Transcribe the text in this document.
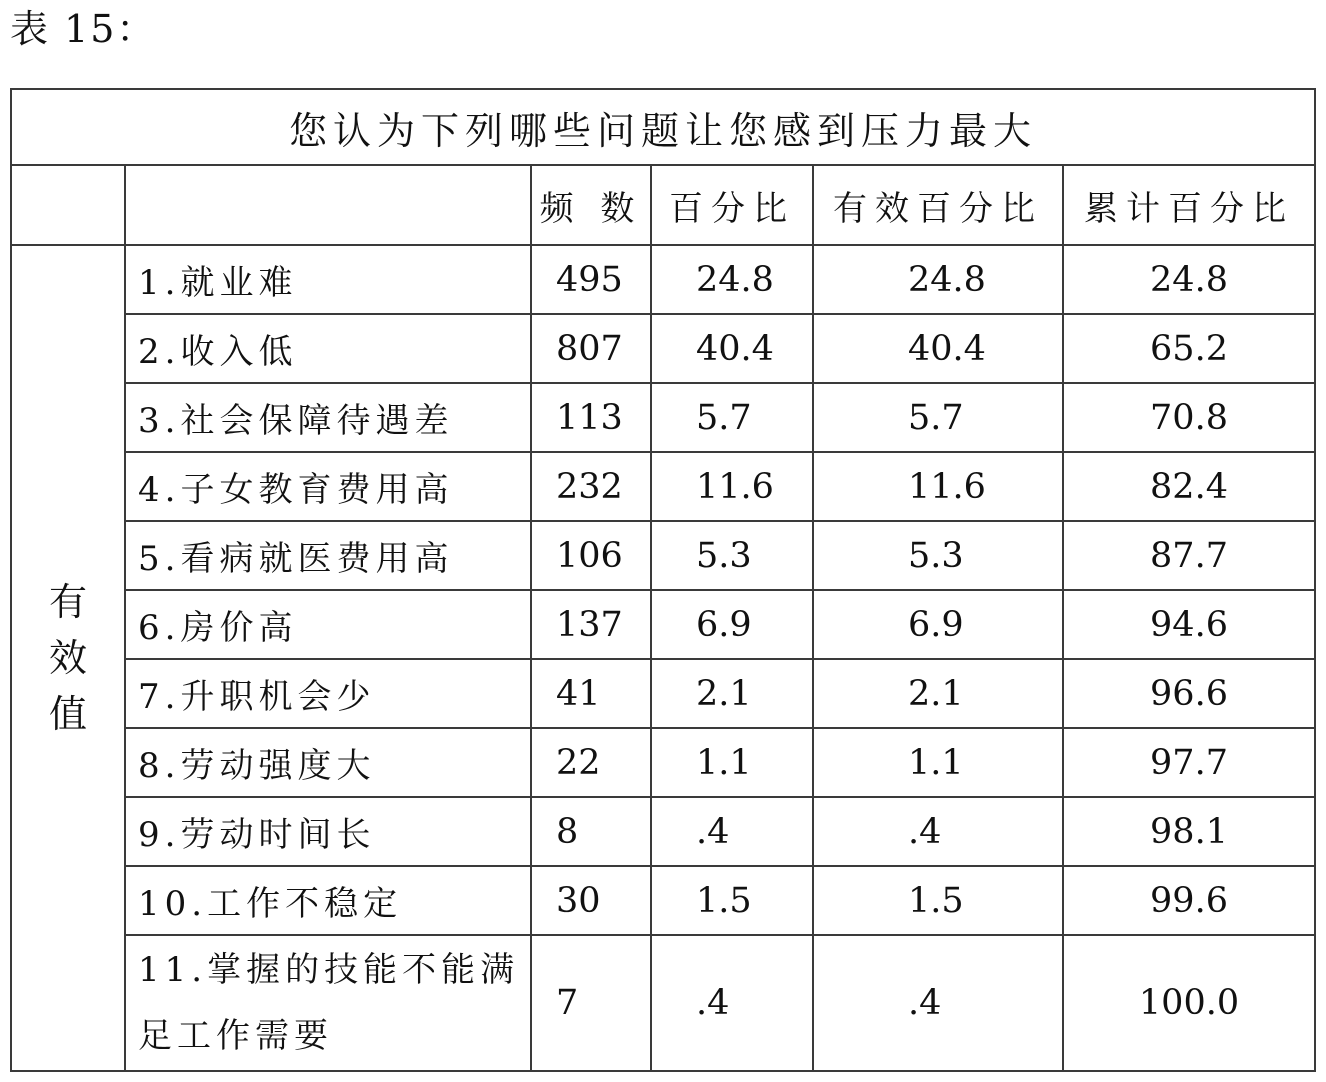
表 15：
您认为下列哪些问题让您感到压力最大					
		频 数	百分比	有效百分比	累计百分比
有效值	1.就业难	495	24.8	24.8	24.8
	2.收入低	807	40.4	40.4	65.2
	3.社会保障待遇差	113	5.7	5.7	70.8
	4.子女教育费用高	232	11.6	11.6	82.4
	5.看病就医费用高	106	5.3	5.3	87.7
	6.房价高	137	6.9	6.9	94.6
	7.升职机会少	41	2.1	2.1	96.6
	8.劳动强度大	22	1.1	1.1	97.7
	9.劳动时间长	8	.4	.4	98.1
	10.工作不稳定	30	1.5	1.5	99.6
	11.掌握的技能不能满足工作需要	7	.4	.4	100.0
